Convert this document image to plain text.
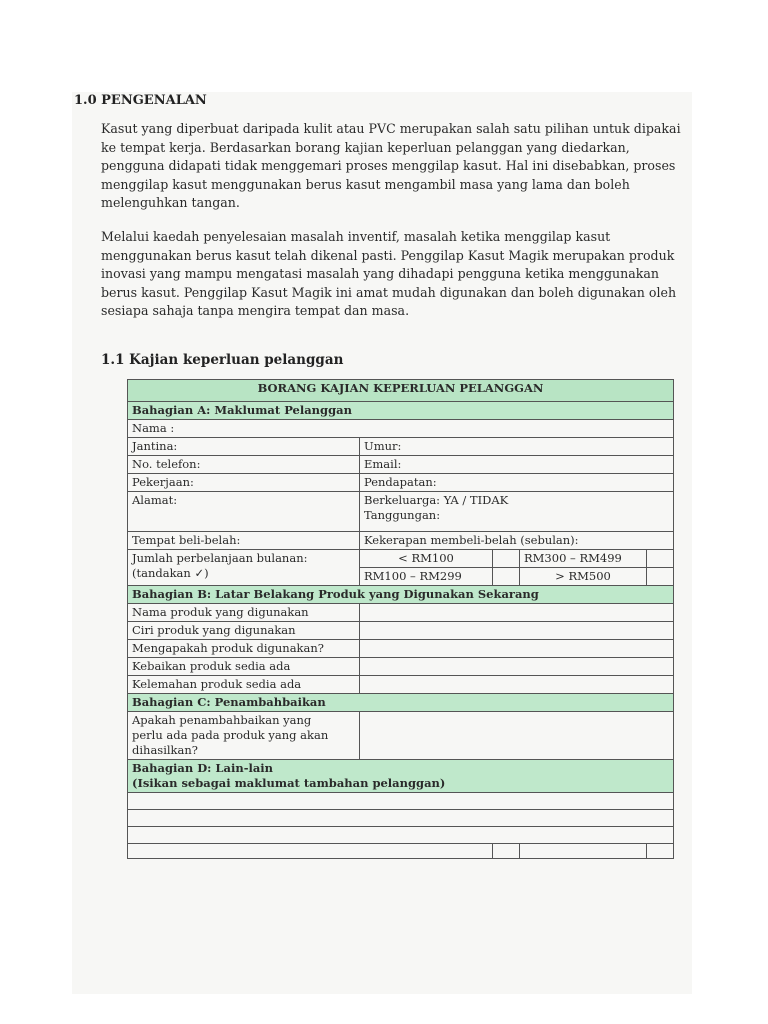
1.0 PENGENALAN
Kasut yang diperbuat daripada kulit atau PVC merupakan salah satu pilihan untuk dipakai ke tempat kerja. Berdasarkan borang kajian keperluan pelanggan yang diedarkan, pengguna didapati tidak menggemari proses menggilap kasut. Hal ini disebabkan, proses menggilap kasut menggunakan berus kasut mengambil masa yang lama dan boleh melenguhkan tangan.
Melalui kaedah penyelesaian masalah inventif, masalah ketika menggilap kasut menggunakan berus kasut telah dikenal pasti. Penggilap Kasut Magik merupakan produk inovasi yang mampu mengatasi masalah yang dihadapi pengguna ketika menggunakan berus kasut. Penggilap Kasut Magik ini amat mudah digunakan dan boleh digunakan oleh sesiapa sahaja tanpa mengira tempat dan masa.
1.1 Kajian keperluan pelanggan
BORANG KAJIAN KEPERLUAN PELANGGAN				
Bahagian A: Maklumat Pelanggan				
Nama :				
Jantina:	Umur:			
No. telefon:	Email:			
Pekerjaan:	Pendapatan:			
Alamat:	Berkeluarga: YA / TIDAK
Tanggungan:			

Tempat beli-belah:	Kekerapan membeli-belah (sebulan):			

Jumlah perbelanjaan bulanan:
(tandakan ✓)	< RM100		RM300 – RM499	
	RM100 – RM299		> RM500	
Bahagian B: Latar Belakang Produk yang Digunakan Sekarang				
Nama produk yang digunakan				
Ciri produk yang digunakan				
Mengapakah produk digunakan?				
Kebaikan produk sedia ada				
Kelemahan produk sedia ada				
Bahagian C: Penambahbaikan				

Apakah penambahbaikan yang
perlu ada pada produk yang akan
dihasilkan?				

Bahagian D: Lain-lain
(Isikan sebagai maklumat tambahan pelanggan)				
